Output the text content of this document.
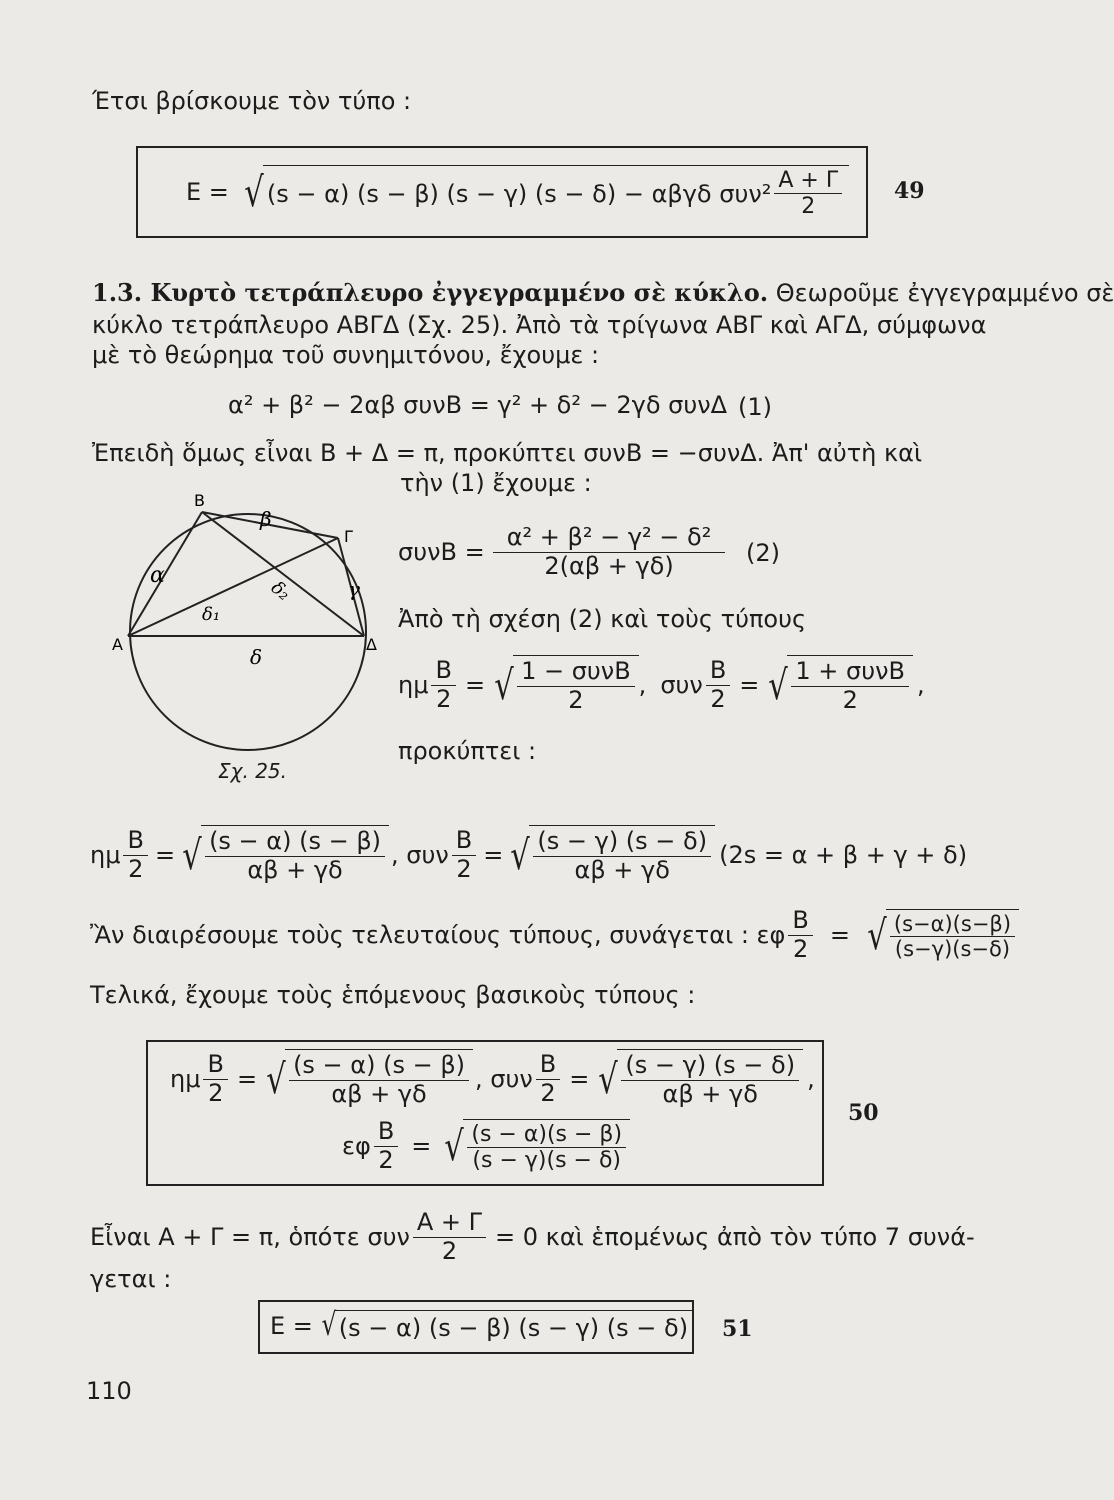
Έτσι βρίσκουμε τὸν τύπο :
E = √ (s − α) (s − β) (s − γ) (s − δ) − αβγδ $\sigma\upsilon\nu^2 \frac{A + \Gamma}{2} 49$
1.3. Κυρτὸ τετράπλευρο ἐγγεγραμμένο σὲ κύκλο. Θεωροῦμε ἐγγεγραμμένο σὲ
κύκλο τετράπλευρο ΑΒΓΔ (Σχ. 25). Ἀπὸ τὰ τρίγωνα ΑΒΓ καὶ ΑΓΔ, σύμφωνα
μὲ τὸ θεώρημα τοῦ συνημιτόνου, ἔχουμε :
α² + β² − 2αβ συνΒ = γ² + δ² − 2γδ συνΔ (1)
Ἐπειδὴ ὅμως εἶναι Β + Δ = π, προκύπτει συνΒ = −συνΔ. Ἀπ' αὐτὴ καὶ
τὴν (1) ἔχουμε :
B
Γ
A	Δ
α
β
γ
δ
δ₁
δ₂
Σχ. 25.
$\sigma\upsilon\nu B = \frac{\text{α² + β² − γ² − δ²}}{2(\alpha\beta + \gamma\delta)} (2)$
Ἀπὸ τὴ σχέση (2) καὶ τοὺς τύπους
ημ $\frac{B}{2}$ = √ $\frac{\text{1 − συνΒ}}{2}$ , συν $\frac{B}{2}$ = √ $\frac{\text{1 + συνΒ}}{2}$ ,
προκύπτει :
ημ $\frac{B}{2}$ = √ $\frac{(s - \alpha) (s - \beta)}{\alpha\beta + \gamma\delta}$ , συν $\frac{B}{2}$ = √ $\frac{(s - \gamma) (s - \delta)}{\alpha\beta + \gamma\delta} (2s = \alpha + \beta + \gamma + \delta)$
Ἂν διαιρέσουμε τοὺς τελευταίους τύπους, συνάγεται : εφ $\frac{B}{2}$ = √ $\frac{(s-\alpha)(s-\beta)}{(s-\gamma)(s-\delta)}$
Τελικά, ἔχουμε τοὺς ἑπόμενους βασικοὺς τύπους :
ημ $\frac{B}{2}$ = √ $\frac{(s - \alpha) (s - \beta)}{\alpha\beta + \gamma\delta}$ , συν $\frac{B}{2}$ = √ $\frac{(s - \gamma) (s - \delta)}{\alpha\beta + \gamma\delta}$ ,
εφ $\frac{B}{2}$ = √ $\frac{(s - \alpha)(s - \beta)}{(s - \gamma)(s - \delta)}$
50
Εἶναι Α + Γ = π, ὁπότε συν $\frac{A + \Gamma}{2} = 0$ καὶ ἑπομένως ἀπὸ τὸν τύπο 7 συνά-
γεται :
E = √ (s − α) (s − β) (s − γ) (s − δ) 51
110
